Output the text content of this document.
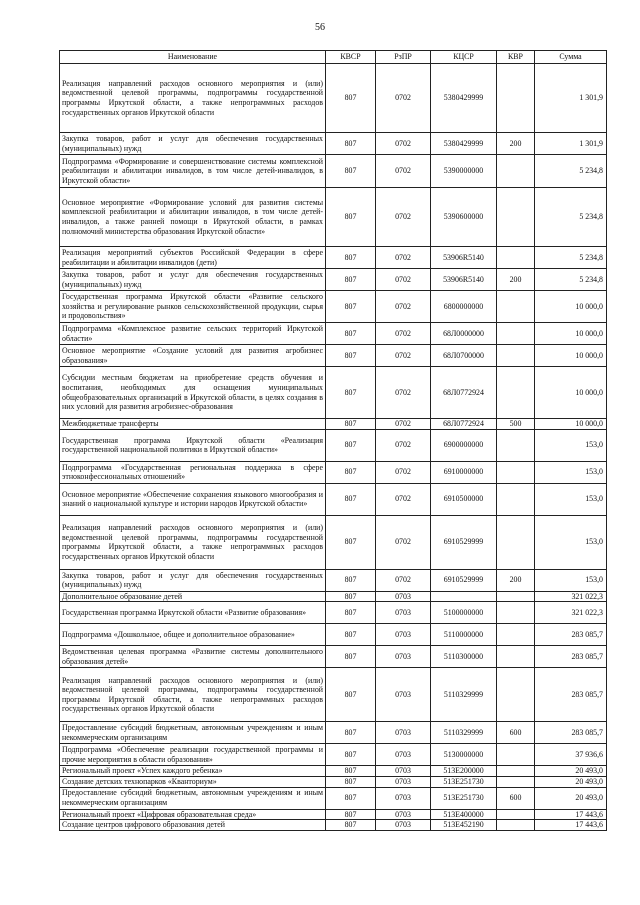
56
Наименование	КВСР	РзПР	КЦСР	КВР	Сумма
Реализация направлений расходов основного мероприятия и (или) ведомственной целевой программы, подпрограммы государственной программы Иркутской области, а также непрограммных расходов государственных органов Иркутской области	807	0702	5380429999		1 301,9
Закупка товаров, работ и услуг для обеспечения государственных (муниципальных) нужд	807	0702	5380429999	200	1 301,9
Подпрограмма «Формирование и совершенствование системы комплексной реабилитации и абилитации инвалидов, в том числе детей-инвалидов, в Иркутской области»	807	0702	5390000000		5 234,8
Основное мероприятие «Формирование условий для развития системы комплексной реабилитации и абилитации инвалидов, в том числе детей-инвалидов, а также ранней помощи в Иркутской области, в рамках полномочий министерства образования Иркутской области»	807	0702	5390600000		5 234,8
Реализация мероприятий субъектов Российской Федерации в сфере реабилитации и абилитации инвалидов (дети)	807	0702	53906R5140		5 234,8
Закупка товаров, работ и услуг для обеспечения государственных (муниципальных) нужд	807	0702	53906R5140	200	5 234,8
Государственная программа Иркутской области «Развитие сельского хозяйства и регулирование рынков сельскохозяйственной продукции, сырья и продовольствия»	807	0702	6800000000		10 000,0
Подпрограмма «Комплексное развитие сельских территорий Иркутской области»	807	0702	68Л0000000		10 000,0
Основное мероприятие «Создание условий для развития агробизнес образования»	807	0702	68Л0700000		10 000,0
Субсидии местным бюджетам на приобретение средств обучения и воспитания, необходимых для оснащения муниципальных общеобразовательных организаций в Иркутской области, в целях создания в них условий для развития агробизнес-образования	807	0702	68Л0772924		10 000,0
Межбюджетные трансферты	807	0702	68Л0772924	500	10 000,0
Государственная программа Иркутской области «Реализация государственной национальной политики в Иркутской области»	807	0702	6900000000		153,0
Подпрограмма «Государственная региональная поддержка в сфере этноконфессиональных отношений»	807	0702	6910000000		153,0
Основное мероприятие «Обеспечение сохранения языкового многообразия и знаний о национальной культуре и истории народов Иркутской области»	807	0702	6910500000		153,0
Реализация направлений расходов основного мероприятия и (или) ведомственной целевой программы, подпрограммы государственной программы Иркутской области, а также непрограммных расходов государственных органов Иркутской области	807	0702	6910529999		153,0
Закупка товаров, работ и услуг для обеспечения государственных (муниципальных) нужд	807	0702	6910529999	200	153,0
Дополнительное образование детей	807	0703			321 022,3
Государственная программа Иркутской области «Развитие образования»	807	0703	5100000000		321 022,3
Подпрограмма «Дошкольное, общее и дополнительное образование»	807	0703	5110000000		283 085,7
Ведомственная целевая программа «Развитие системы дополнительного образования детей»	807	0703	5110300000		283 085,7
Реализация направлений расходов основного мероприятия и (или) ведомственной целевой программы, подпрограммы государственной программы Иркутской области, а также непрограммных расходов государственных органов Иркутской области	807	0703	5110329999		283 085,7
Предоставление субсидий бюджетным, автономным учреждениям и иным некоммерческим организациям	807	0703	5110329999	600	283 085,7
Подпрограмма «Обеспечение реализации государственной программы и прочие мероприятия в области образования»	807	0703	5130000000		37 936,6
Региональный проект «Успех каждого ребенка»	807	0703	513E200000		20 493,0
Создание детских технопарков «Кванториум»	807	0703	513E251730		20 493,0
Предоставление субсидий бюджетным, автономным учреждениям и иным некоммерческим организациям	807	0703	513E251730	600	20 493,0
Региональный проект «Цифровая образовательная среда»	807	0703	513E400000		17 443,6
Создание центров цифрового образования детей	807	0703	513E452190		17 443,6
